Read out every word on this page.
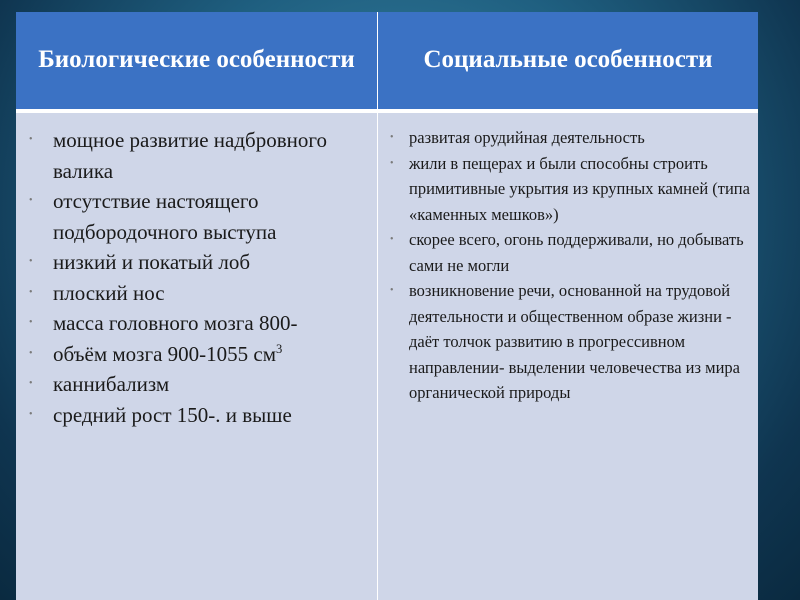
Биологические особенности	Социальные особенности
• мощное развитие надбровного валика
• отсутствие настоящего подбородочного выступа
• низкий и покатый лоб
• плоский нос
• масса головного мозга 800-
• объём мозга 900-1055 $см^3$
• каннибализм
• средний рост 150-. и выше
• развитая орудийная деятельность
• жили в пещерах и были способны строить примитивные укрытия из крупных камней (типа «каменных мешков»)
• скорее всего, огонь поддерживали, но добывать сами не могли
• возникновение речи, основанной на трудовой деятельности и общественном образе жизни - даёт толчок развитию в прогрессивном направлении- выделении человечества из мира органической природы
